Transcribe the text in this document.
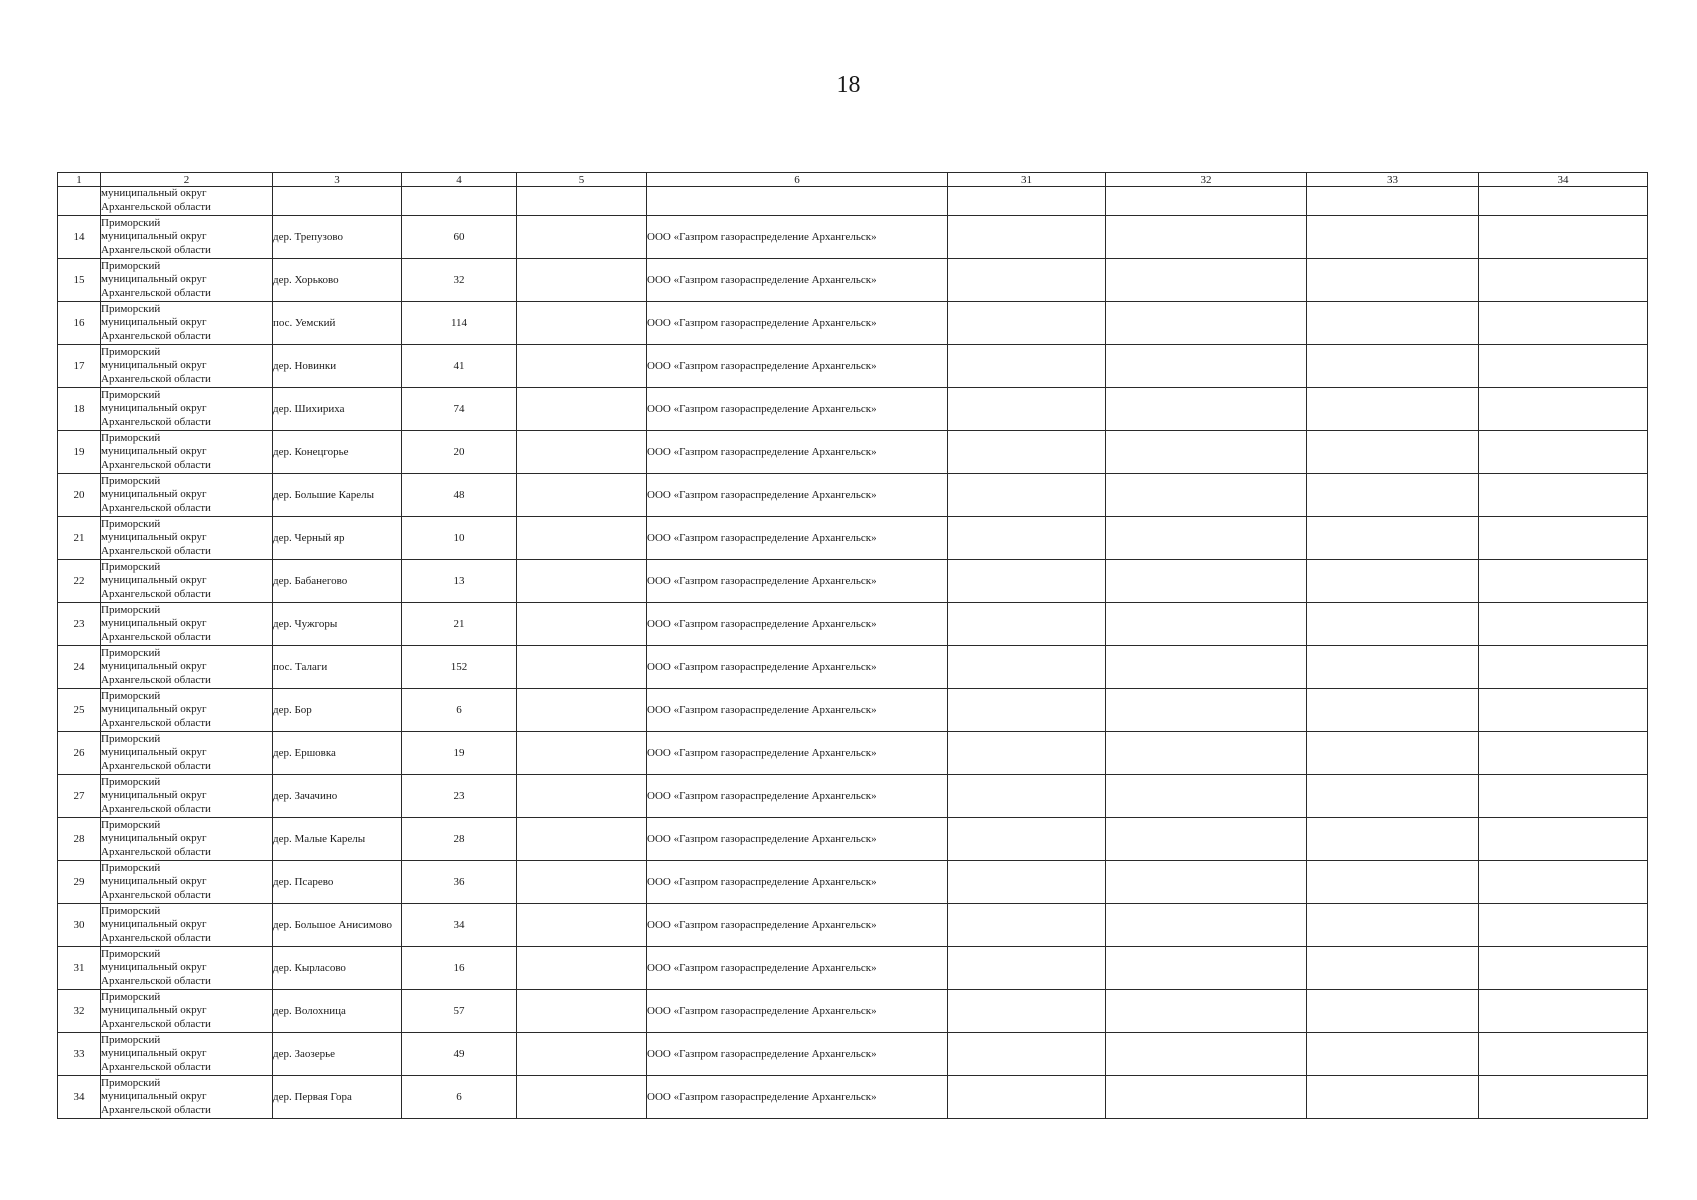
18
1	2	3	4	5	6	31	32	33	34

	муниципальный округ
Архангельской области								

14	Приморский
муниципальный округ
Архангельской области	дер. Трепузово	60		ООО «Газпром газораспределение Архангельск»				
15	Приморский
муниципальный округ
Архангельской области	дер. Хорьково	32		ООО «Газпром газораспределение Архангельск»				
16	Приморский
муниципальный округ
Архангельской области	пос. Уемский	114		ООО «Газпром газораспределение Архангельск»				
17	Приморский
муниципальный округ
Архангельской области	дер. Новинки	41		ООО «Газпром газораспределение Архангельск»				
18	Приморский
муниципальный округ
Архангельской области	дер. Шихириха	74		ООО «Газпром газораспределение Архангельск»				
19	Приморский
муниципальный округ
Архангельской области	дер. Конецгорье	20		ООО «Газпром газораспределение Архангельск»				
20	Приморский
муниципальный округ
Архангельской области	дер. Большие Карелы	48		ООО «Газпром газораспределение Архангельск»				
21	Приморский
муниципальный округ
Архангельской области	дер. Черный яр	10		ООО «Газпром газораспределение Архангельск»				
22	Приморский
муниципальный округ
Архангельской области	дер. Бабанегово	13		ООО «Газпром газораспределение Архангельск»				
23	Приморский
муниципальный округ
Архангельской области	дер. Чужгоры	21		ООО «Газпром газораспределение Архангельск»				
24	Приморский
муниципальный округ
Архангельской области	пос. Талаги	152		ООО «Газпром газораспределение Архангельск»				
25	Приморский
муниципальный округ
Архангельской области	дер. Бор	6		ООО «Газпром газораспределение Архангельск»				
26	Приморский
муниципальный округ
Архангельской области	дер. Ершовка	19		ООО «Газпром газораспределение Архангельск»				
27	Приморский
муниципальный округ
Архангельской области	дер. Зачачино	23		ООО «Газпром газораспределение Архангельск»				
28	Приморский
муниципальный округ
Архангельской области	дер. Малые Карелы	28		ООО «Газпром газораспределение Архангельск»				
29	Приморский
муниципальный округ
Архангельской области	дер. Псарево	36		ООО «Газпром газораспределение Архангельск»				
30	Приморский
муниципальный округ
Архангельской области	дер. Большое Анисимово	34		ООО «Газпром газораспределение Архангельск»				
31	Приморский
муниципальный округ
Архангельской области	дер. Кырласово	16		ООО «Газпром газораспределение Архангельск»				
32	Приморский
муниципальный округ
Архангельской области	дер. Волохница	57		ООО «Газпром газораспределение Архангельск»				
33	Приморский
муниципальный округ
Архангельской области	дер. Заозерье	49		ООО «Газпром газораспределение Архангельск»				
34	Приморский
муниципальный округ
Архангельской области	дер. Первая Гора	6		ООО «Газпром газораспределение Архангельск»				
